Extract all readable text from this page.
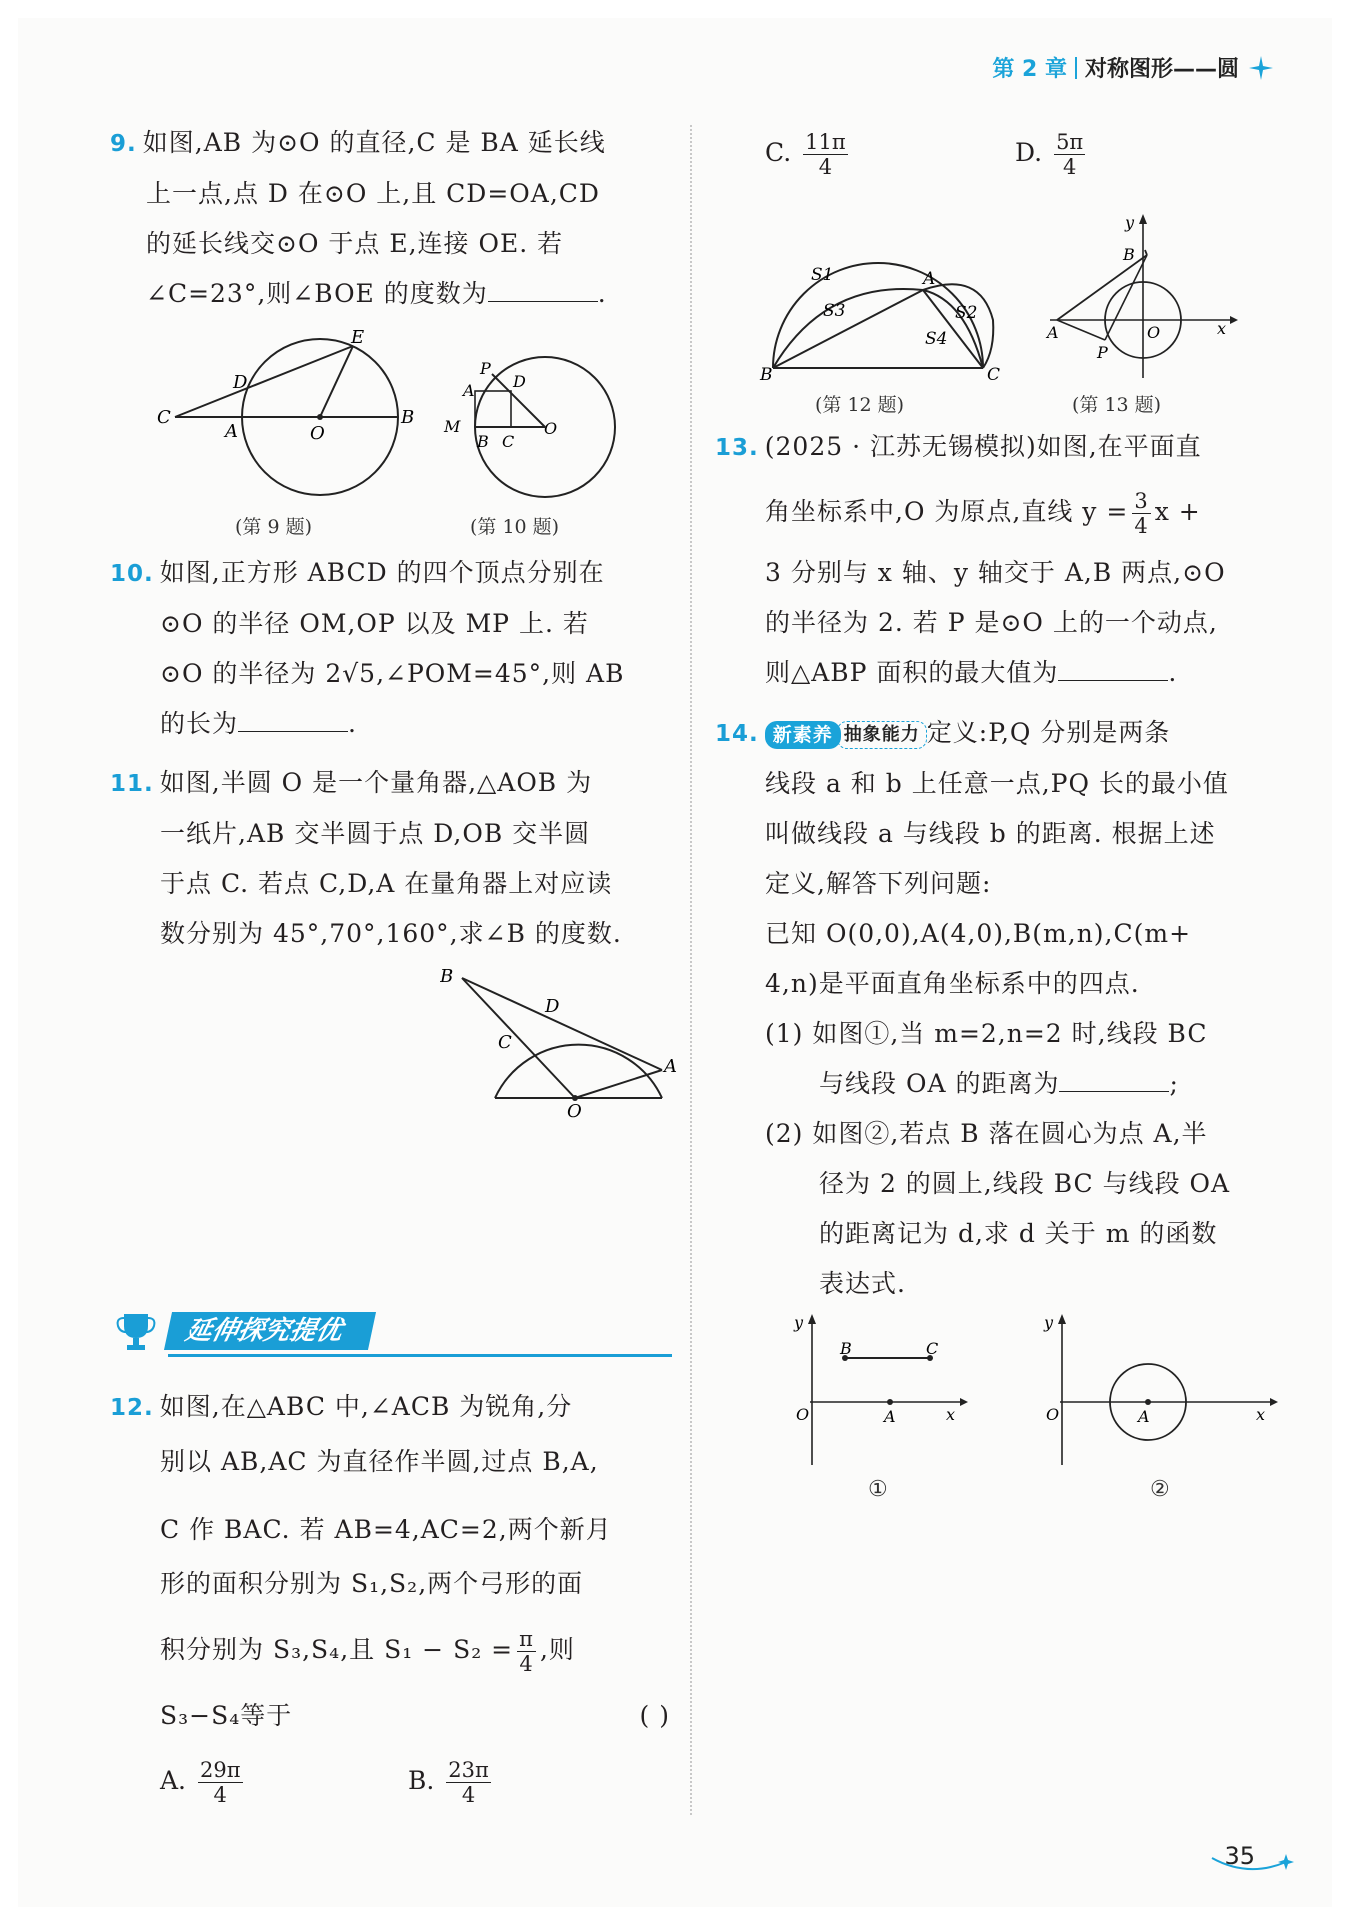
第 2 章 对称图形——圆
9. 如图,AB 为⊙O 的直径,C 是 BA 延长线
上一点,点 D 在⊙O 上,且 CD=OA,CD
的延长线交⊙O 于点 E,连接 OE. 若
∠C=23°,则∠BOE 的度数为	.
E
D
C
A	O
B
(第 9 题)
P
D
A
M
B C
O
(第 10 题)
10. 如图,正方形 ABCD 的四个顶点分别在
⊙O 的半径 OM,OP 以及 MP 上. 若
⊙O 的半径为 2√5,∠POM=45°,则 AB
的长为	.
11. 如图,半圆 O 是一个量角器,△AOB 为
一纸片,AB 交半圆于点 D,OB 交半圆
于点 C. 若点 C,D,A 在量角器上对应读
数分别为 45°,70°,160°,求∠B 的度数.
B
D
C
A
O
延伸探究提优
12. 如图,在△ABC 中,∠ACB 为锐角,分
别以 AB,AC 为直径作半圆,过点 B,A,
C 作 BAC. 若 AB=4,AC=2,两个新月
形的面积分别为 S₁,S₂,两个弓形的面
积分别为 S₃,S₄,且 $S_1 - S_2 = \frac{\pi}{4}$ ,则
S₃−S₄等于	( )
A. $\frac{29\pi}{4}$	B. $\frac{23\pi}{4}$
C. $\frac{11\pi}{4}$	D. $\frac{5\pi}{4}$
S1
S3
A
S2
S4
B	C
(第 12 题)
y
B
A	O	x
P
(第 13 题)
13. (2025 · 江苏无锡模拟)如图,在平面直
角坐标系中,O 为原点,直线 $y = \frac{3}{4}$ x +
3 分别与 x 轴、y 轴交于 A,B 两点,⊙O
的半径为 2. 若 P 是⊙O 上的一个动点,
则△ABP 面积的最大值为	.
14. 新素养 抽象能力 定义:P,Q 分别是两条
线段 a 和 b 上任意一点,PQ 长的最小值
叫做线段 a 与线段 b 的距离. 根据上述
定义,解答下列问题:
已知 O(0,0),A(4,0),B(m,n),C(m+
4,n)是平面直角坐标系中的四点.
(1) 如图①,当 m=2,n=2 时,线段 BC
与线段 OA 的距离为	;
(2) 如图②,若点 B 落在圆心为点 A,半
径为 2 的圆上,线段 BC 与线段 OA
的距离记为 d,求 d 关于 m 的函数
表达式.
y
B	C
O	A	x
①
y
O	A	x
②
35
